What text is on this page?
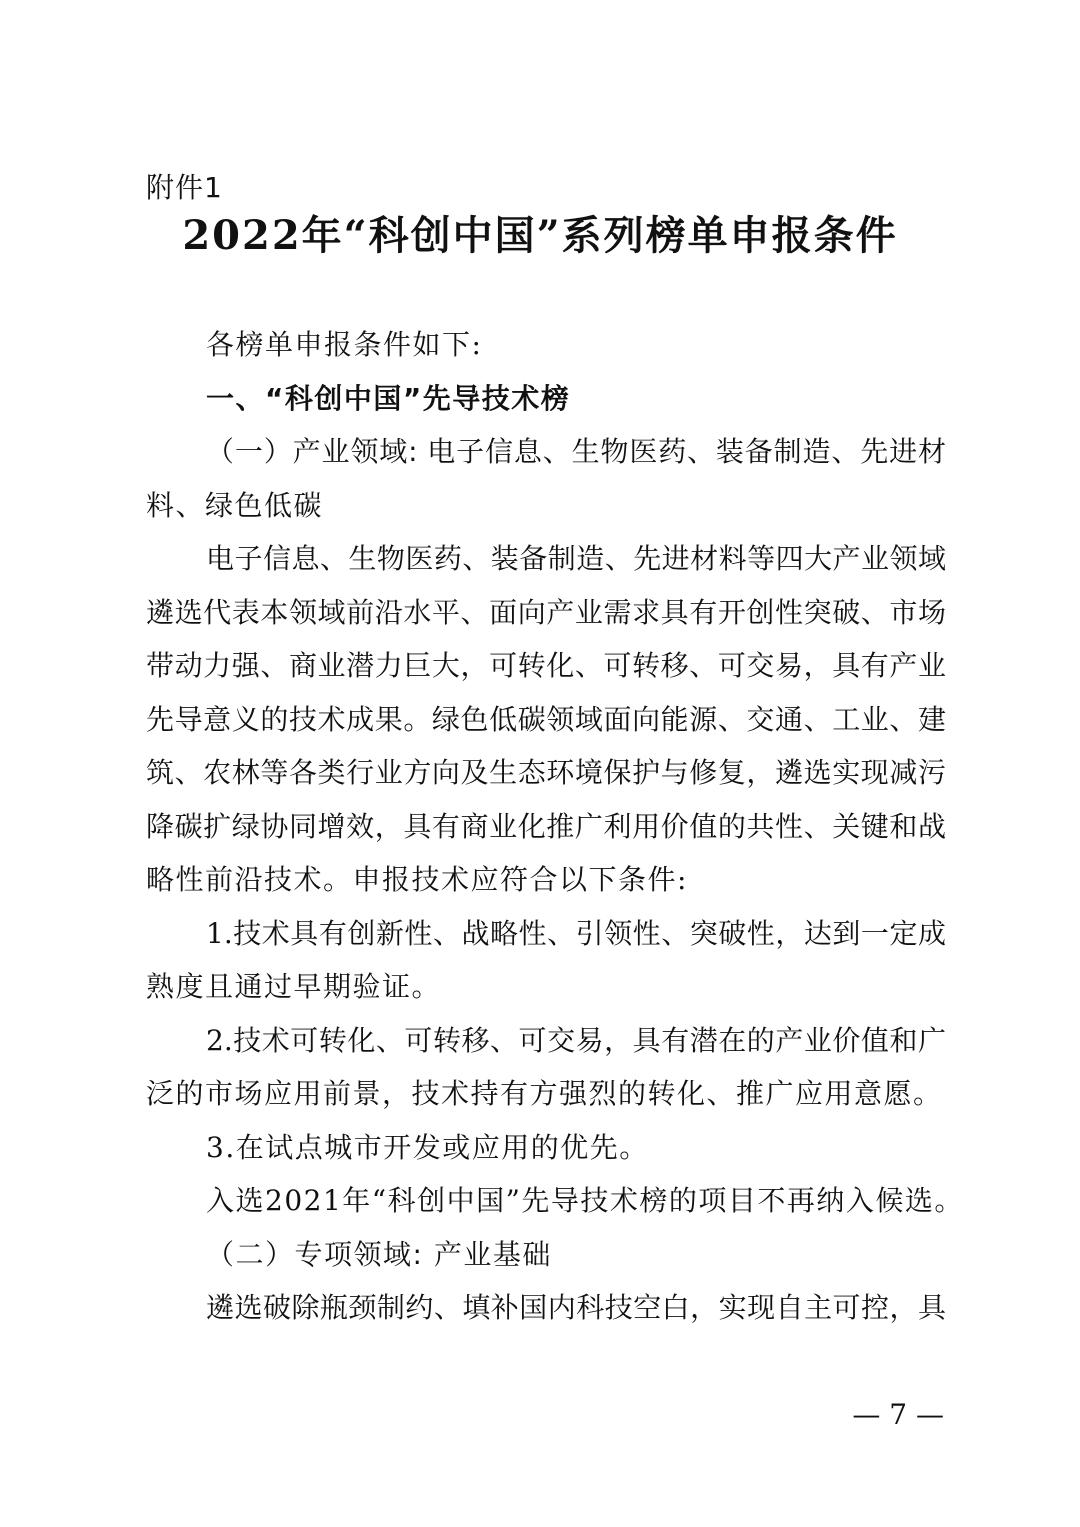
附件1
2022年“科创中国”系列榜单申报条件
各榜单申报条件如下:
一、“科创中国”先导技术榜
（一）产业领域: 电子信息、生物医药、装备制造、先进材
料、绿色低碳
电子信息、生物医药、装备制造、先进材料等四大产业领域
遴选代表本领域前沿水平、面向产业需求具有开创性突破、市场
带动力强、商业潜力巨大，可转化、可转移、可交易，具有产业
先导意义的技术成果。绿色低碳领域面向能源、交通、工业、建
筑、农林等各类行业方向及生态环境保护与修复，遴选实现减污
降碳扩绿协同增效，具有商业化推广利用价值的共性、关键和战
略性前沿技术。申报技术应符合以下条件:
1.技术具有创新性、战略性、引领性、突破性，达到一定成
熟度且通过早期验证。
2.技术可转化、可转移、可交易，具有潜在的产业价值和广
泛的市场应用前景，技术持有方强烈的转化、推广应用意愿。
3.在试点城市开发或应用的优先。
入选2021年“科创中国”先导技术榜的项目不再纳入候选。
（二）专项领域: 产业基础
遴选破除瓶颈制约、填补国内科技空白，实现自主可控，具
— 7 —
